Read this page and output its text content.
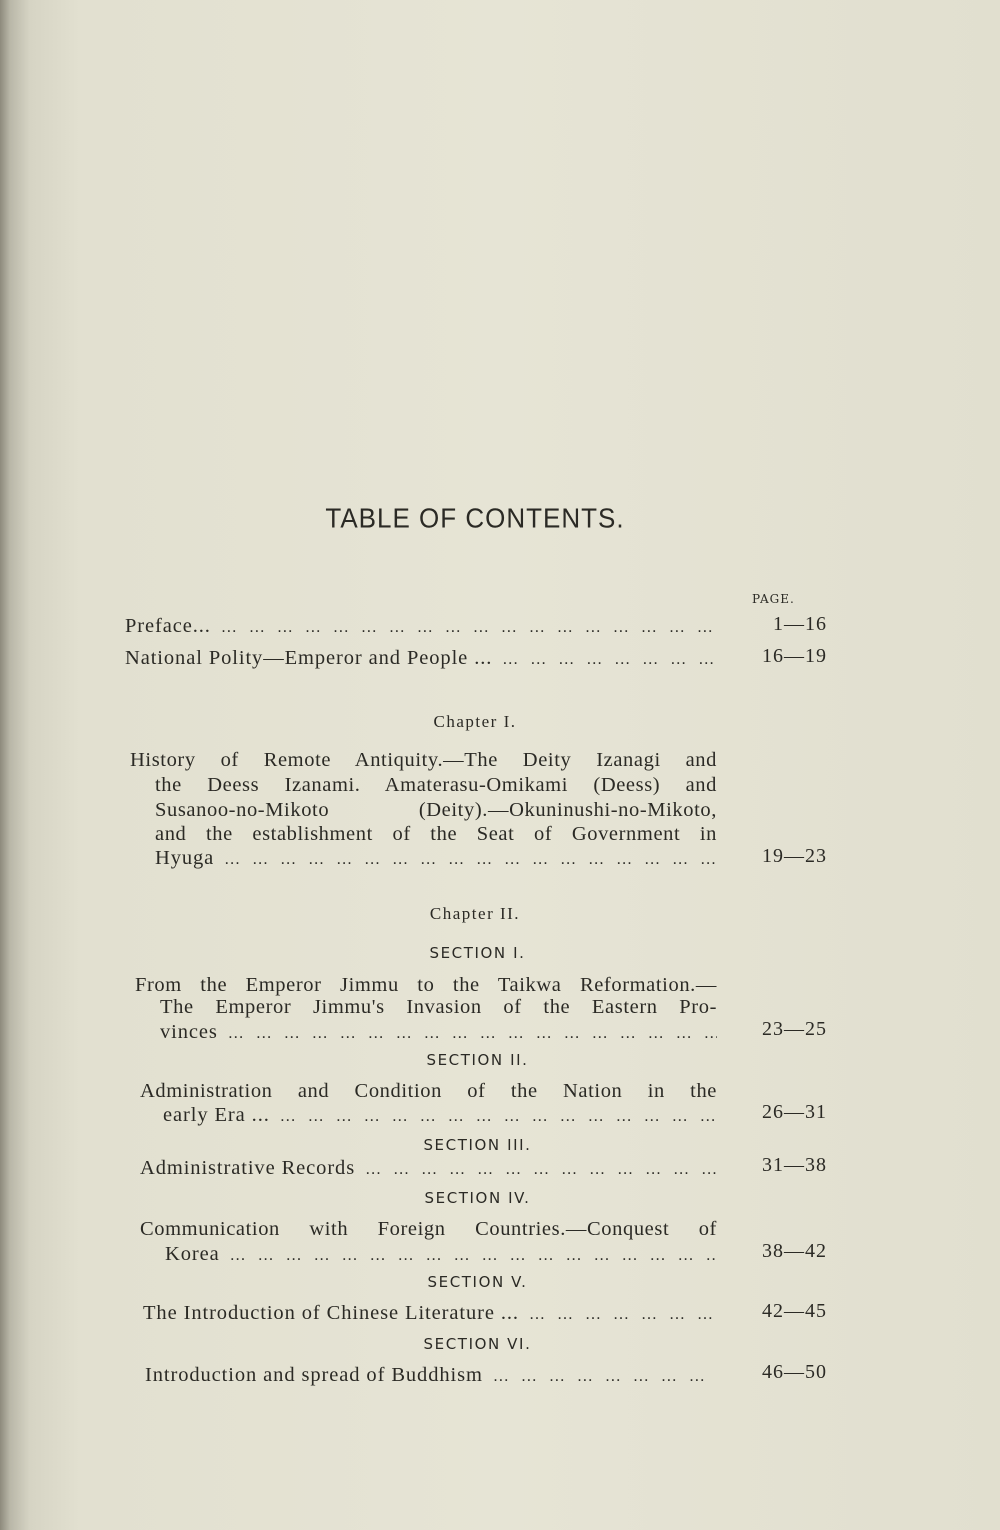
TABLE OF CONTENTS.
PAGE.
Preface... … … … … … … … … … … … … … … … … … … … …	1—16
National Polity—Emperor and People ... … … … … … … … … … … … … … … … … … … … …	16—19
Chapter I.
History of Remote Antiquity.—The Deity Izanagi and
the Deess Izanami. Amaterasu-Omikami (Deess) and
Susanoo-no-Mikoto (Deity).—Okuninushi-no-Mikoto,
and the establishment of the Seat of Government in
Hyuga … … … … … … … … … … … … … … … … … … … …	19—23
Chapter II.
SECTION I.
From the Emperor Jimmu to the Taikwa Reformation.—
The Emperor Jimmu's Invasion of the Eastern Pro-
vinces … … … … … … … … … … … … … … … … … … … …	23—25
SECTION II.
Administration and Condition of the Nation in the
early Era ... … … … … … … … … … … … … … … … … … … … …	26—31
SECTION III.
Administrative Records … … … … … … … … … … … … … … … … … … … …	31—38
SECTION IV.
Communication with Foreign Countries.—Conquest of
Korea … … … … … … … … … … … … … … … … … … … …	38—42
SECTION V.
The Introduction of Chinese Literature ... … … … … … … … … … … … … … … … … … … … …	42—45
SECTION VI.
Introduction and spread of Buddhism … … … … … … … … … … … … … … … … … … … …	46—50
